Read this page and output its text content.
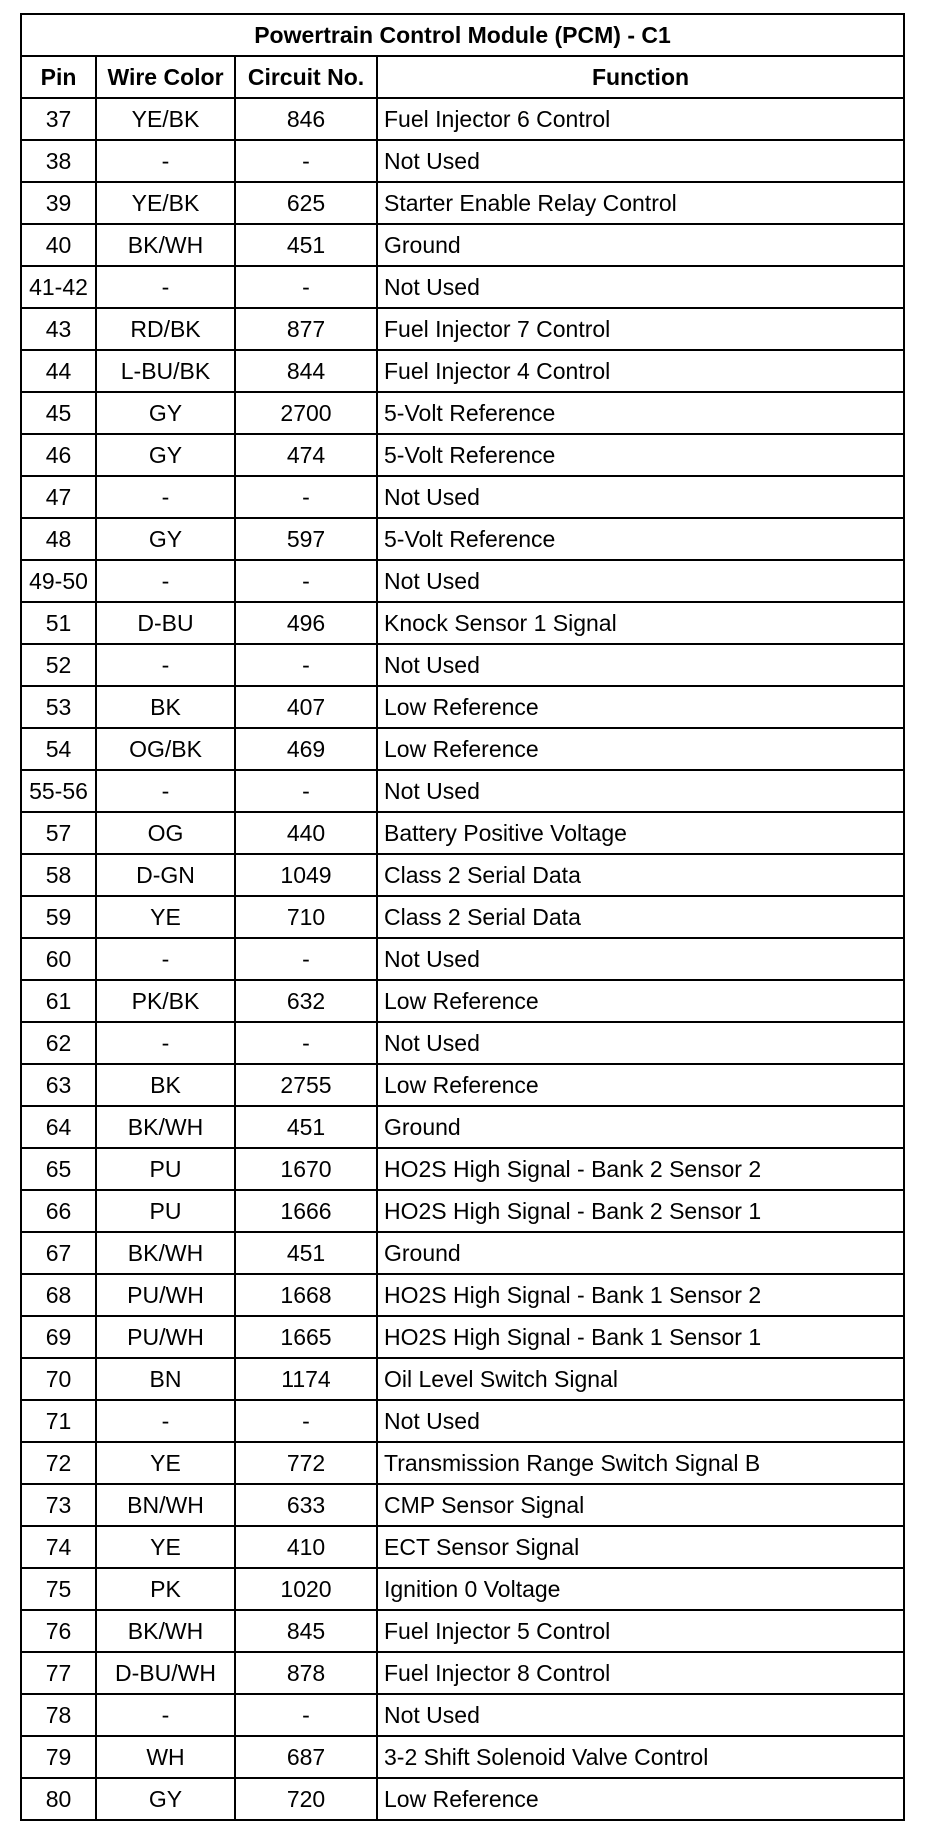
Powertrain Control Module (PCM) - C1			
Pin	Wire Color	Circuit No.	Function
37	YE/BK	846	Fuel Injector 6 Control
38	-	-	Not Used
39	YE/BK	625	Starter Enable Relay Control
40	BK/WH	451	Ground
41-42	-	-	Not Used
43	RD/BK	877	Fuel Injector 7 Control
44	L-BU/BK	844	Fuel Injector 4 Control
45	GY	2700	5-Volt Reference
46	GY	474	5-Volt Reference
47	-	-	Not Used
48	GY	597	5-Volt Reference
49-50	-	-	Not Used
51	D-BU	496	Knock Sensor 1 Signal
52	-	-	Not Used
53	BK	407	Low Reference
54	OG/BK	469	Low Reference
55-56	-	-	Not Used
57	OG	440	Battery Positive Voltage
58	D-GN	1049	Class 2 Serial Data
59	YE	710	Class 2 Serial Data
60	-	-	Not Used
61	PK/BK	632	Low Reference
62	-	-	Not Used
63	BK	2755	Low Reference
64	BK/WH	451	Ground
65	PU	1670	HO2S High Signal - Bank 2 Sensor 2
66	PU	1666	HO2S High Signal - Bank 2 Sensor 1
67	BK/WH	451	Ground
68	PU/WH	1668	HO2S High Signal - Bank 1 Sensor 2
69	PU/WH	1665	HO2S High Signal - Bank 1 Sensor 1
70	BN	1174	Oil Level Switch Signal
71	-	-	Not Used
72	YE	772	Transmission Range Switch Signal B
73	BN/WH	633	CMP Sensor Signal
74	YE	410	ECT Sensor Signal
75	PK	1020	Ignition 0 Voltage
76	BK/WH	845	Fuel Injector 5 Control
77	D-BU/WH	878	Fuel Injector 8 Control
78	-	-	Not Used
79	WH	687	3-2 Shift Solenoid Valve Control
80	GY	720	Low Reference
